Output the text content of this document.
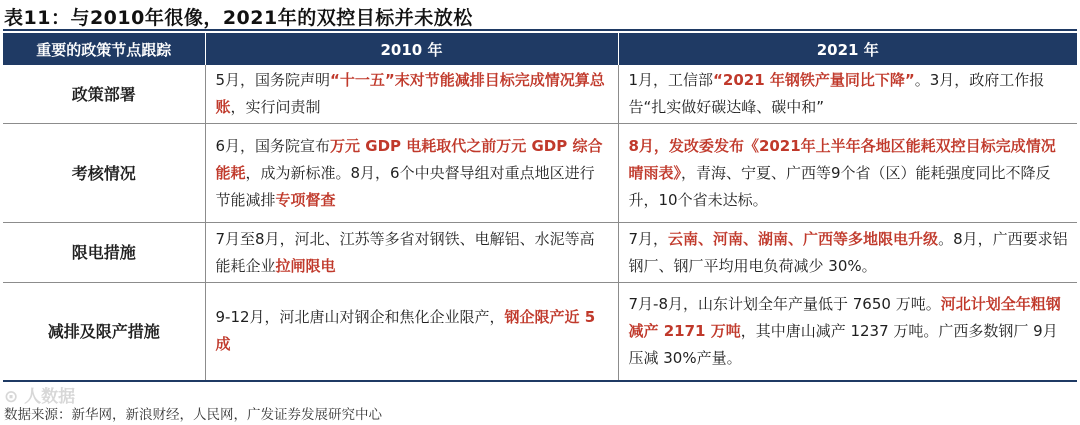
表11：与2010年很像，2021年的双控目标并未放松
重要的政策节点跟踪	2010 年	2021 年
政策部署	5月，国务院声明“十一五”末对节能减排目标完成情况算总账，实行问责制	1月，工信部“2021 年钢铁产量同比下降”。3月，政府工作报告“扎实做好碳达峰、碳中和”
考核情况	6月，国务院宣布万元 GDP 电耗取代之前万元 GDP 综合能耗，成为新标准。8月，6个中央督导组对重点地区进行节能减排专项督查	8月，发改委发布《2021年上半年各地区能耗双控目标完成情况晴雨表》，青海、宁夏、广西等9个省（区）能耗强度同比不降反升，10个省未达标。
限电措施	7月至8月，河北、江苏等多省对钢铁、电解铝、水泥等高能耗企业拉闸限电	7月，云南、河南、湖南、广西等多地限电升级。8月，广西要求铝钢厂、钢厂平均用电负荷减少 30%。
减排及限产措施	9-12月，河北唐山对钢企和焦化企业限产，钢企限产近 5 成	7月-8月，山东计划全年产量低于 7650 万吨。河北计划全年粗钢减产 2171 万吨，其中唐山减产 1237 万吨。广西多数钢厂 9月压减 30%产量。
⊙ 人数据
数据来源：新华网，新浪财经，人民网，广发证券发展研究中心
